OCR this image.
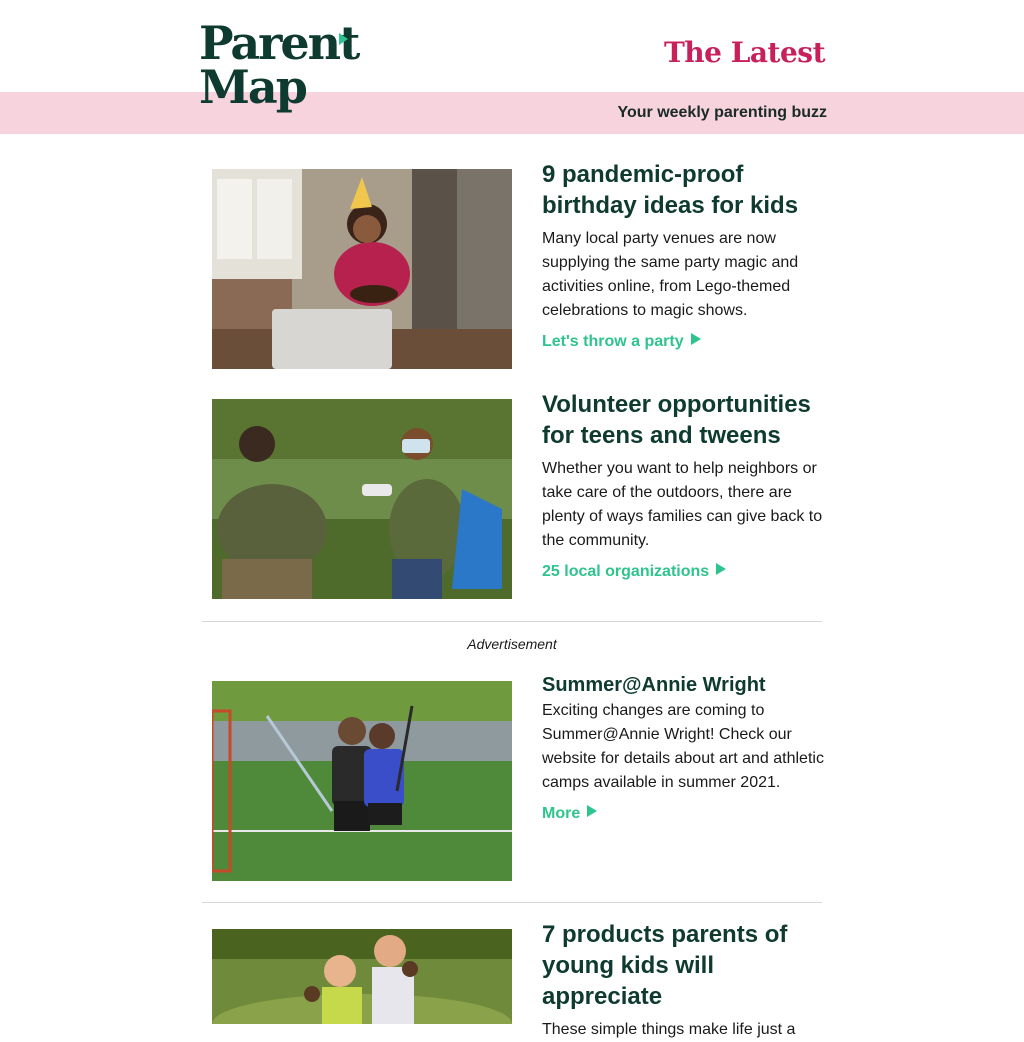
Parent
Map
The Latest
Your weekly parenting buzz
9 pandemic-proof birthday ideas for kids

Many local party venues are now supplying the same party magic and activities online, from Lego-themed celebrations to magic shows.

Let's throw a party
Volunteer opportunities for teens and tweens

Whether you want to help neighbors or take care of the outdoors, there are plenty of ways families can give back to the community.

25 local organizations
Advertisement
Summer@Annie Wright

Exciting changes are coming to Summer@Annie Wright! Check our website for details about art and athletic camps available in summer 2021.

More
7 products parents of young kids will appreciate

These simple things make life just a
